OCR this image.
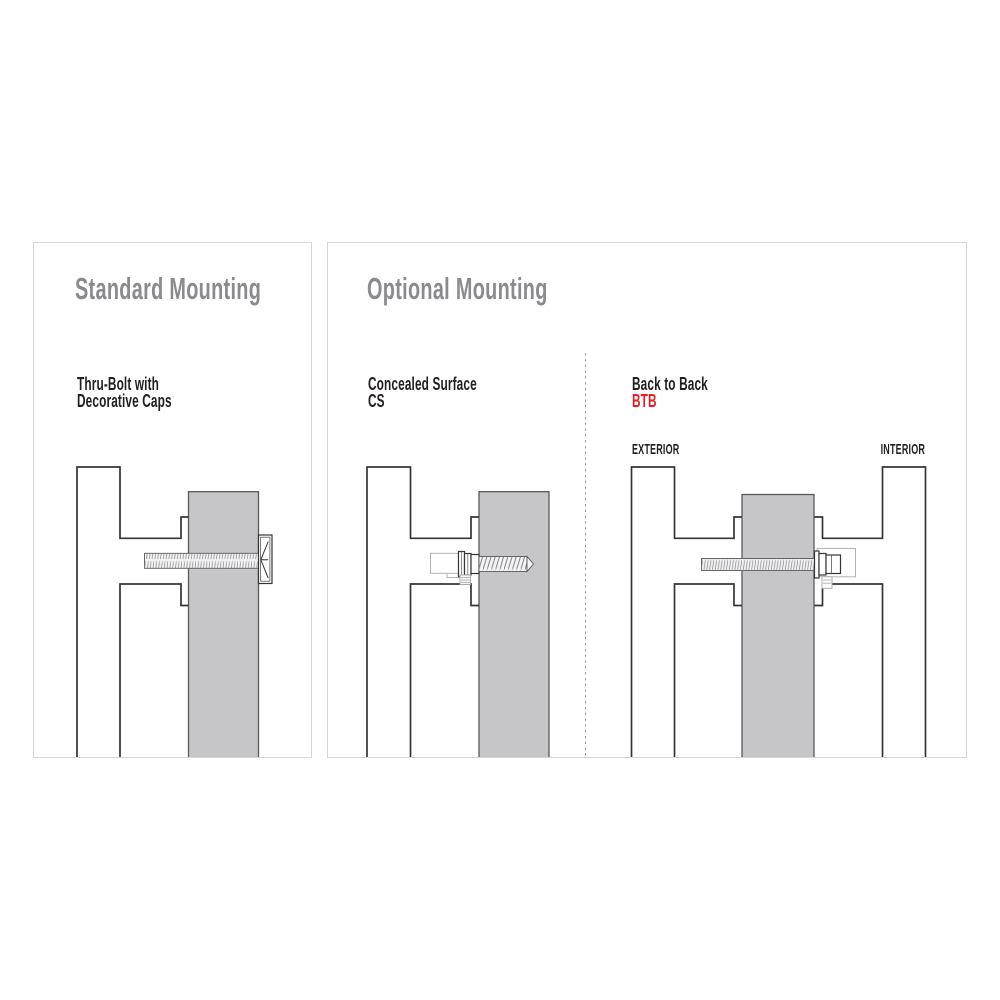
Standard Mounting
Thru-Bolt with
Decorative Caps
Optional Mounting
Concealed Surface
CS
Back to Back
BTB
EXTERIOR	INTERIOR
